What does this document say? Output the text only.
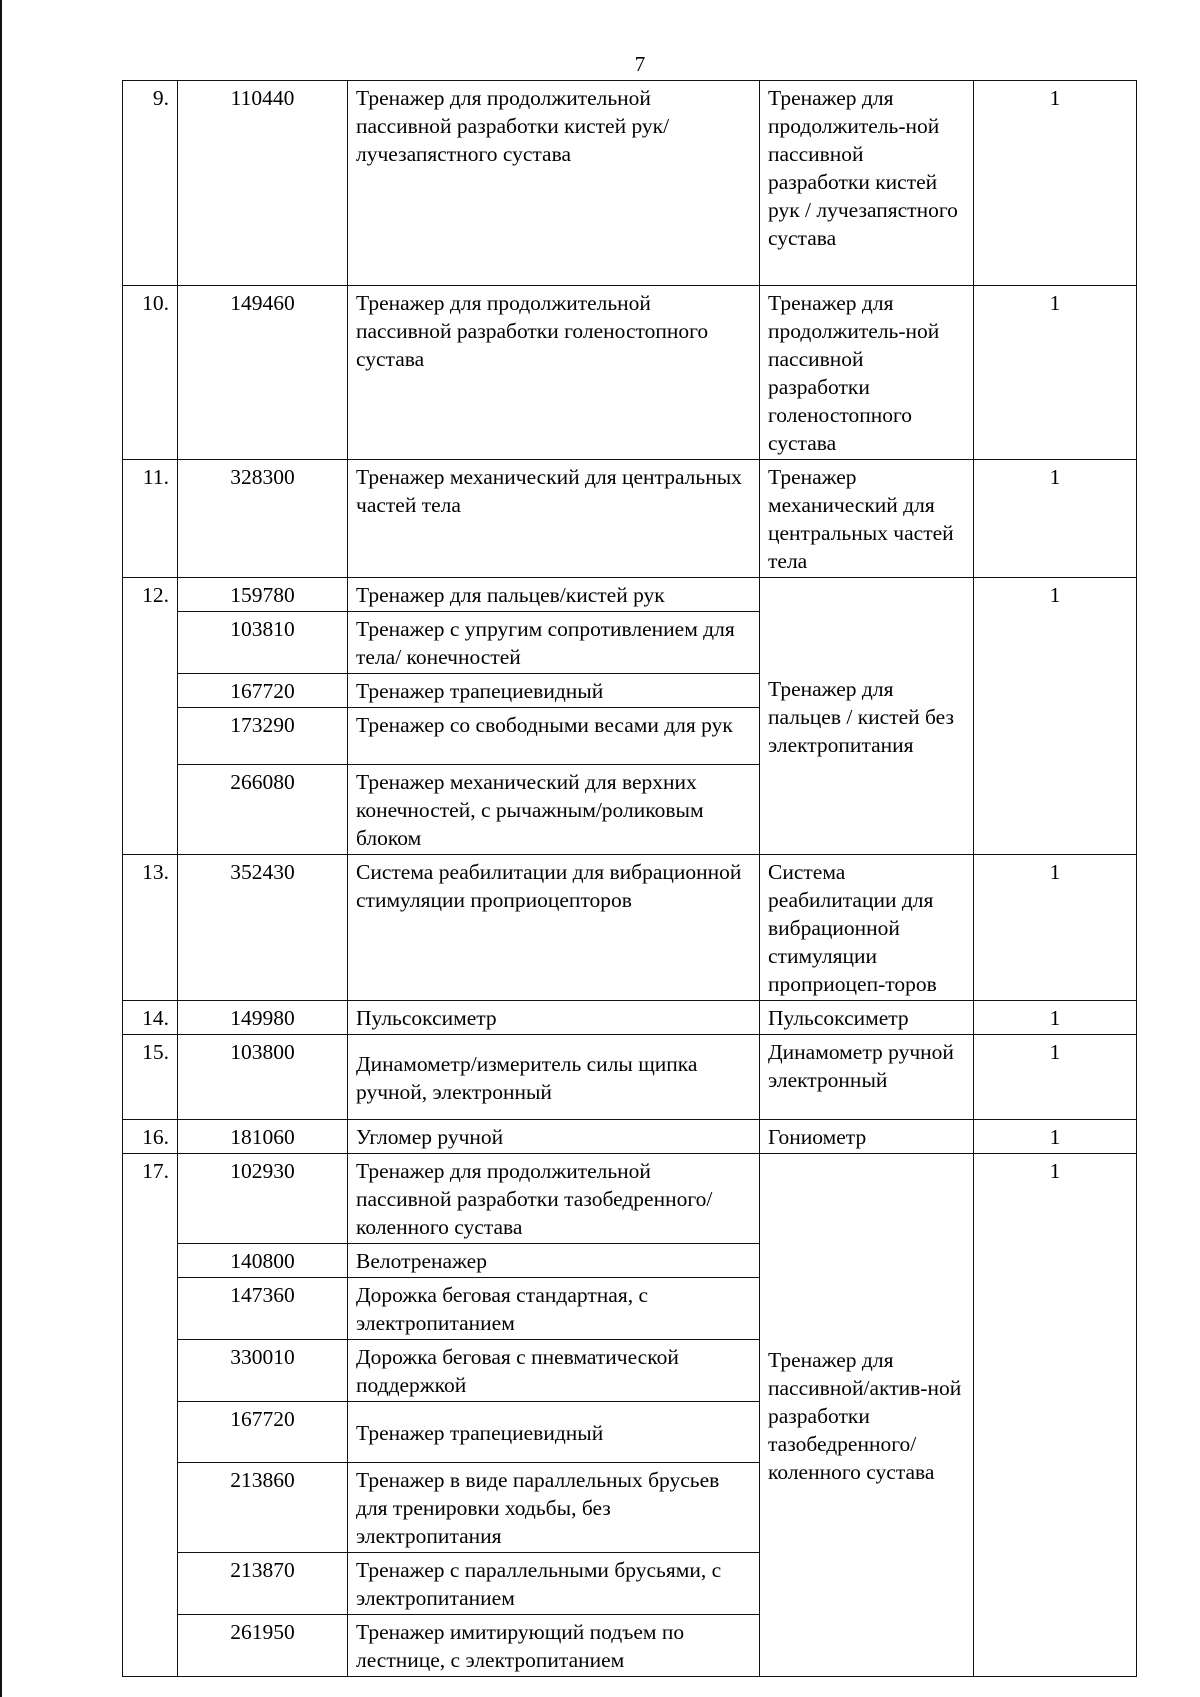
7
9.	110440	Тренажер для продолжительной пассивной разработки кистей рук/лучезапястного сустава	Тренажер для продолжитель-ной пассивной разработки кистей рук / лучезапястного сустава	1
10.	149460	Тренажер для продолжительной пассивной разработки голеностопного сустава	Тренажер для продолжитель-ной пассивной разработки голеностопного сустава	1
11.	328300	Тренажер механический для центральных частей тела	Тренажер механический для центральных частей тела	1
12.	159780	Тренажер для пальцев/кистей рук	Тренажер для пальцев / кистей без электропитания	1
	103810	Тренажер с упругим сопротивлением для тела/ конечностей		
	167720	Тренажер трапециевидный		
	173290	Тренажер со свободными весами для рук		
	266080	Тренажер механический для верхних конечностей, с рычажным/роликовым блоком		
13.	352430	Система реабилитации для вибрационной стимуляции проприоцепторов	Система реабилитации для вибрационной стимуляции проприоцеп-торов	1
14.	149980	Пульсоксиметр	Пульсоксиметр	1
15.	103800	Динамометр/измеритель силы щипка ручной, электронный	Динамометр ручной электронный	1
16.	181060	Угломер ручной	Гониометр	1
17.	102930	Тренажер для продолжительной пассивной разработки тазобедренного/коленного сустава	Тренажер для пассивной/актив-ной разработки тазобедренного/ коленного сустава	1
	140800	Велотренажер		
	147360	Дорожка беговая стандартная, с электропитанием		
	330010	Дорожка беговая с пневматической поддержкой		
	167720	Тренажер трапециевидный		
	213860	Тренажер в виде параллельных брусьев для тренировки ходьбы, без электропитания		
	213870	Тренажер с параллельными брусьями, с электропитанием		
	261950	Тренажер имитирующий подъем по лестнице, с электропитанием		
